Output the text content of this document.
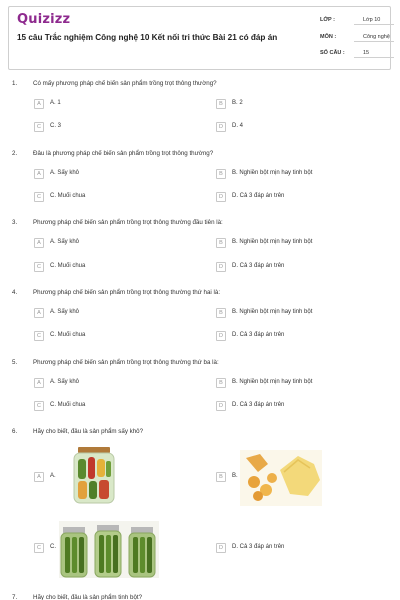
Quizizz
15 câu Trắc nghiệm Công nghệ 10 Kết nối tri thức Bài 21 có đáp án
LỚP :	Lớp 10
MÔN :	Công nghệ
SỐ CÂU :	15
1.	Có mấy phương pháp chế biến sản phẩm trồng trọt thông thường?
A	A. 1	B	B. 2
C	C. 3	D	D. 4
2.	Đâu là phương pháp chế biến sản phẩm trồng trọt thông thường?
A	A. Sấy khô	B	B. Nghiền bột mịn hay tinh bột
C	C. Muối chua	D	D. Cả 3 đáp án trên
3.	Phương pháp chế biến sản phẩm trồng trọt thông thường đầu tiên là:
A	A. Sấy khô	B	B. Nghiền bột mịn hay tinh bột
C	C. Muối chua	D	D. Cả 3 đáp án trên
4.	Phương pháp chế biến sản phẩm trồng trọt thông thường thứ hai là:
A	A. Sấy khô	B	B. Nghiền bột mịn hay tinh bột
C	C. Muối chua	D	D. Cả 3 đáp án trên
5.	Phương pháp chế biến sản phẩm trồng trọt thông thường thứ ba là:
A	A. Sấy khô	B	B. Nghiền bột mịn hay tinh bột
C	C. Muối chua	D	D. Cả 3 đáp án trên
6.	Hãy cho biết, đâu là sản phẩm sấy khô?
A	A.	B	B.
C	C.	D	D. Cả 3 đáp án trên
7.	Hãy cho biết, đâu là sản phẩm tinh bột?
